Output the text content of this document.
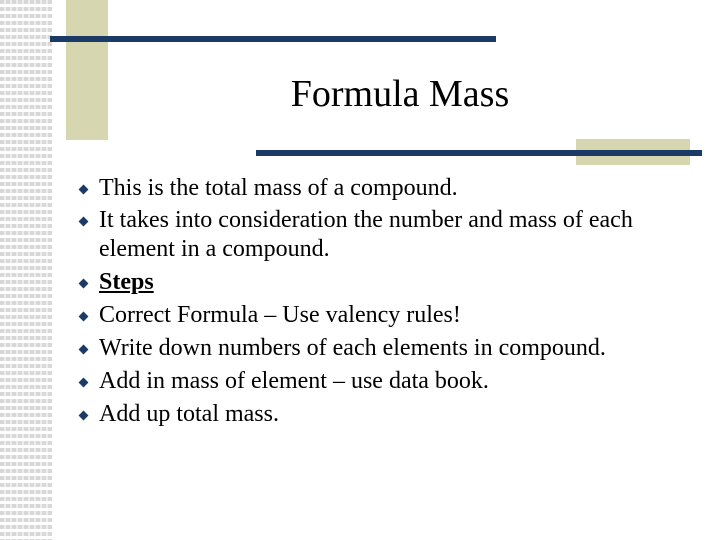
Formula Mass
This is the total mass of a compound.
It takes into consideration the number and mass of each element in a compound.
Steps
Correct Formula – Use valency rules!
Write down numbers of each elements in compound.
Add in mass of element – use data book.
Add up total mass.
